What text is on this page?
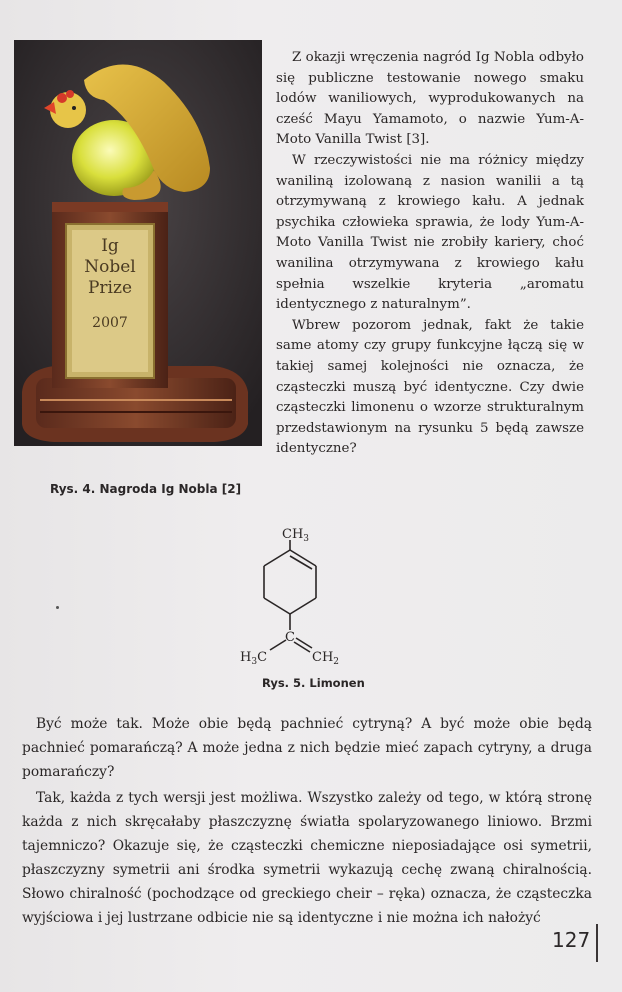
Ig
Nobel
Prize
2007
Rys. 4. Nagroda Ig Nobla [2]

Z okazji wręczenia nagród Ig Nobla odbyło się publiczne testowanie nowego smaku lodów waniliowych, wyprodukowanych na cześć Mayu Yamamoto, o nazwie Yum-A-Moto Vanilla Twist [3].

W rzeczywistości nie ma różnicy między waniliną izolowaną z nasion wanilii a tą otrzymywaną z krowiego kału. A jednak psychika człowieka sprawia, że lody Yum-A-Moto Vanilla Twist nie zrobiły kariery, choć wanilina otrzymywana z krowiego kału spełnia wszelkie kryteria „aromatu identycznego z naturalnym”.

Wbrew pozorom jednak, fakt że takie same atomy czy grupy funkcyjne łączą się w takiej samej kolejności nie oznacza, że cząsteczki muszą być identyczne. Czy dwie cząsteczki limonenu o wzorze strukturalnym przedstawionym na rysunku 5 będą zawsze identyczne?

$CH_3$
C
$H_3C$	$CH_2$
Rys. 5. Limonen

Być może tak. Może obie będą pachnieć cytryną? A być może obie będą pachnieć pomarańczą? A może jedna z nich będzie mieć zapach cytryny, a druga pomarańczy?

Tak, każda z tych wersji jest możliwa. Wszystko zależy od tego, w którą stronę każda z nich skręcałaby płaszczyznę światła spolaryzowanego liniowo. Brzmi tajemniczo? Okazuje się, że cząsteczki chemiczne nieposiadające osi symetrii, płaszczyzny symetrii ani środka symetrii wykazują cechę zwaną chiralnością. Słowo chiralność (pochodzące od greckiego cheir – ręka) oznacza, że cząsteczka wyjściowa i jej lustrzane odbicie nie są identyczne i nie można ich nałożyć

127
